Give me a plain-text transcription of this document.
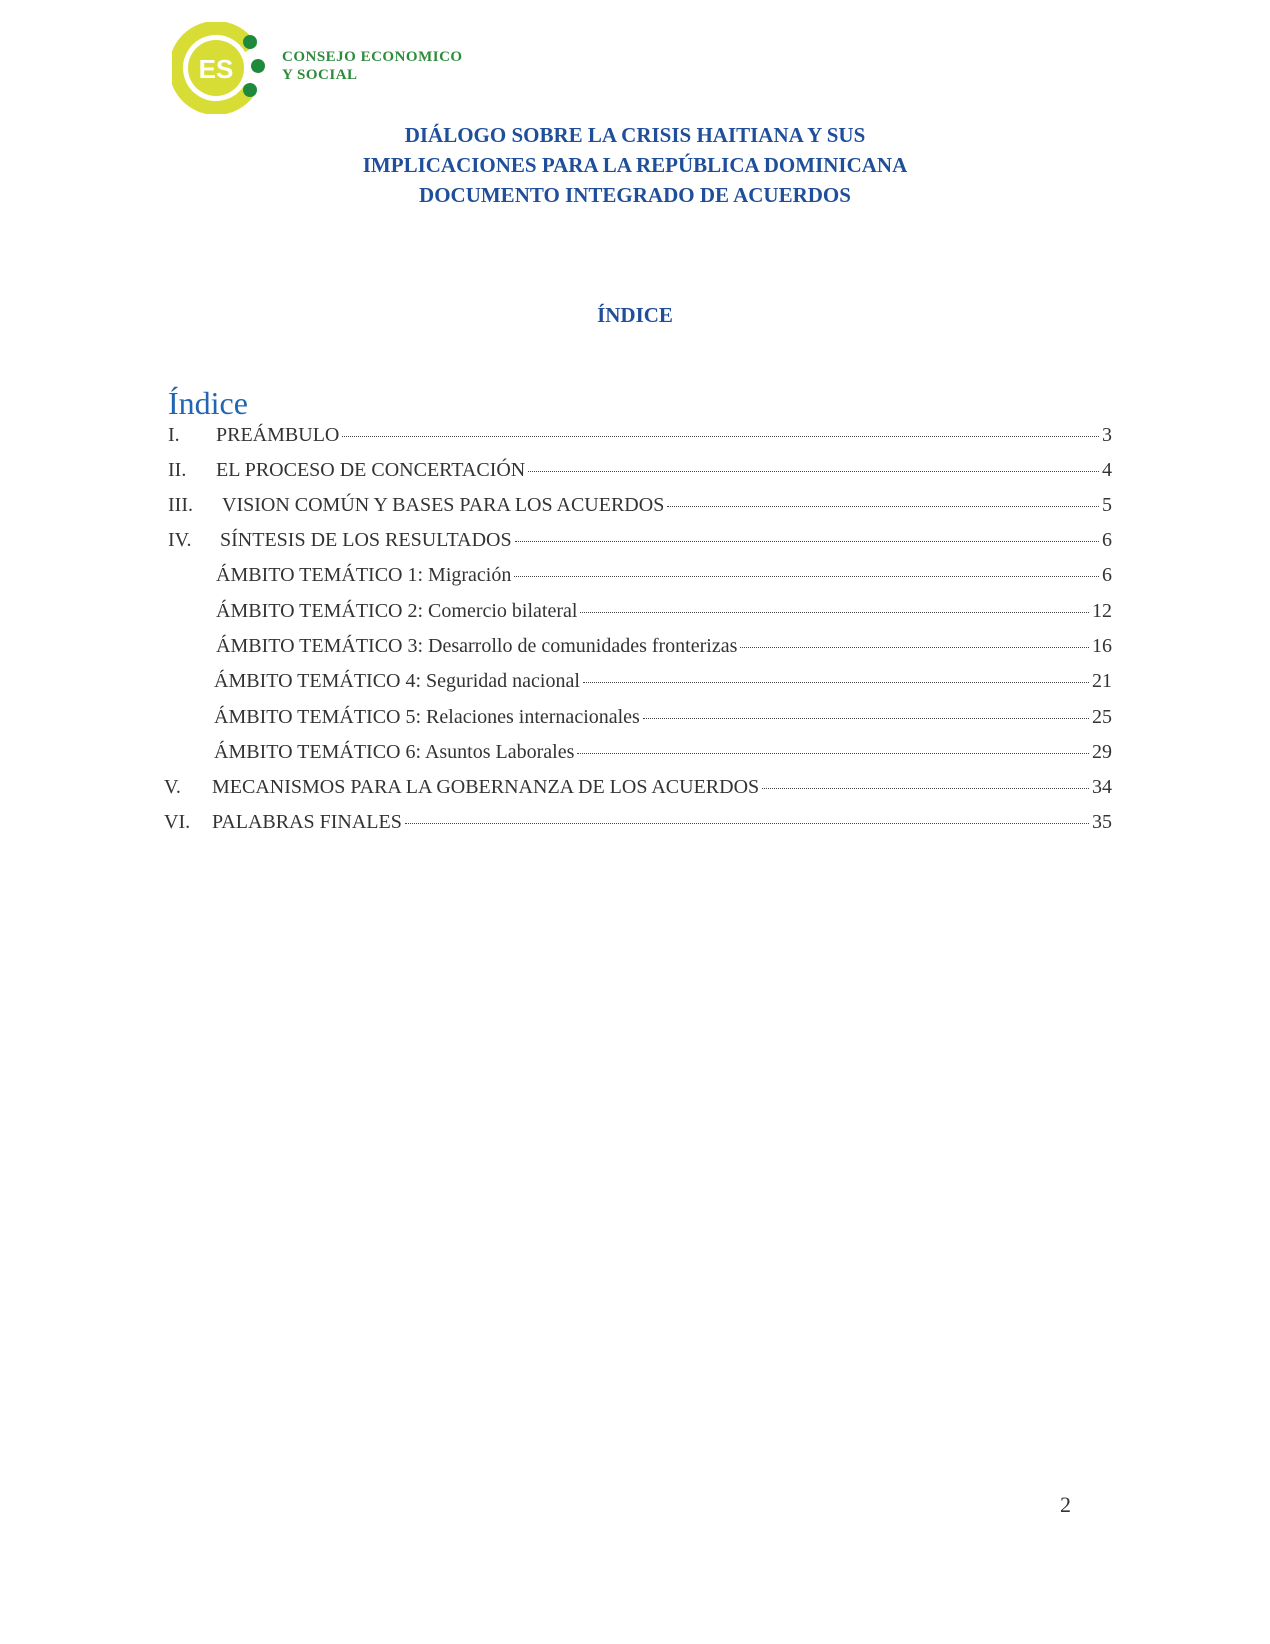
ES	CONSEJO ECONOMICO
Y SOCIAL
DIÁLOGO SOBRE LA CRISIS HAITIANA Y SUS
IMPLICACIONES PARA LA REPÚBLICA DOMINICANA
DOCUMENTO INTEGRADO DE ACUERDOS
ÍNDICE
Índice
I. PREÁMBULO	3
II. EL PROCESO DE CONCERTACIÓN	4
III. VISION COMÚN Y BASES PARA LOS ACUERDOS	5
IV. SÍNTESIS DE LOS RESULTADOS	6
ÁMBITO TEMÁTICO 1: Migración	6
ÁMBITO TEMÁTICO 2: Comercio bilateral	12
ÁMBITO TEMÁTICO 3: Desarrollo de comunidades fronterizas	16
ÁMBITO TEMÁTICO 4: Seguridad nacional	21
ÁMBITO TEMÁTICO 5: Relaciones internacionales	25
ÁMBITO TEMÁTICO 6: Asuntos Laborales	29
V. MECANISMOS PARA LA GOBERNANZA DE LOS ACUERDOS	34
VI. PALABRAS FINALES	35
2
